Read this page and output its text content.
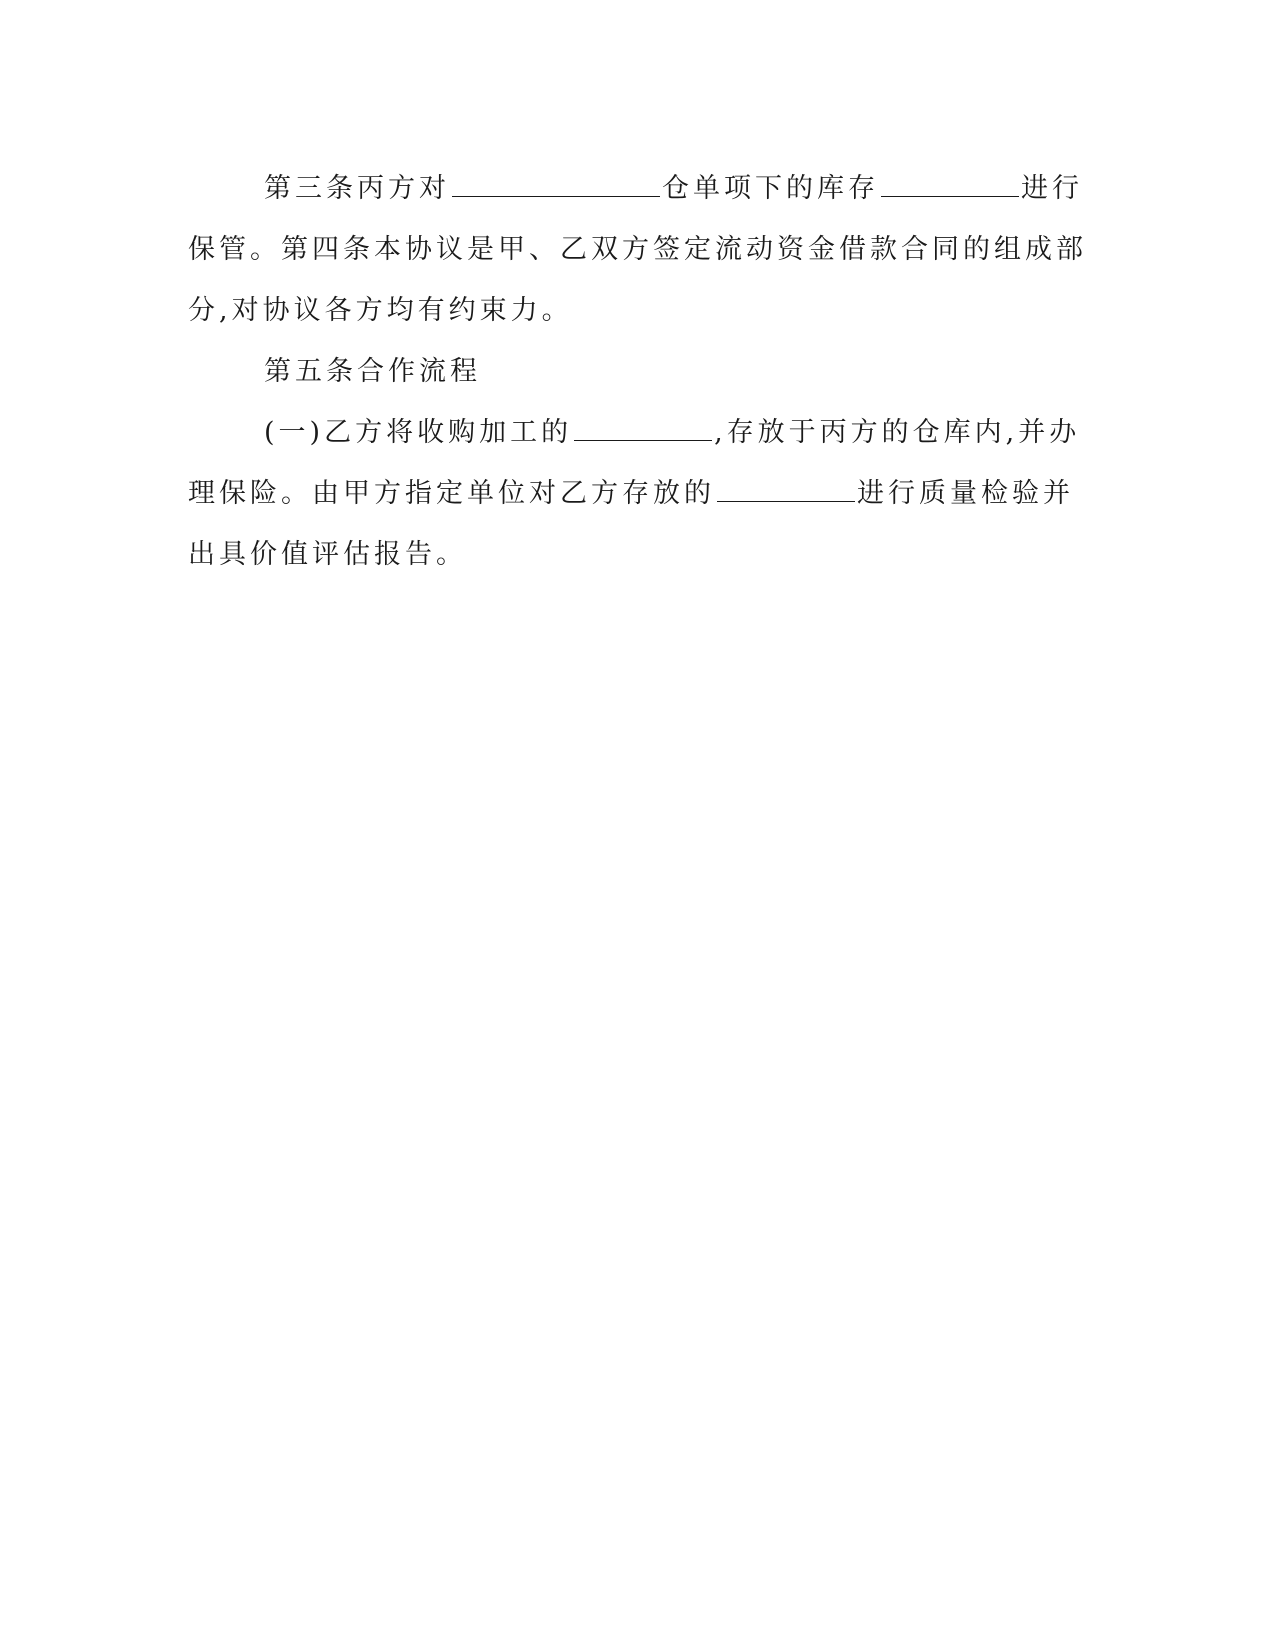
第三条丙方对	仓单项下的库存	进行保管。第四条本协议是甲、乙双方签定流动资金借款合同的组成部分,对协议各方均有约束力。

第五条合作流程

(一)乙方将收购加工的	,存放于丙方的仓库内,并办理保险。由甲方指定单位对乙方存放的	进行质量检验并出具价值评估报告。
